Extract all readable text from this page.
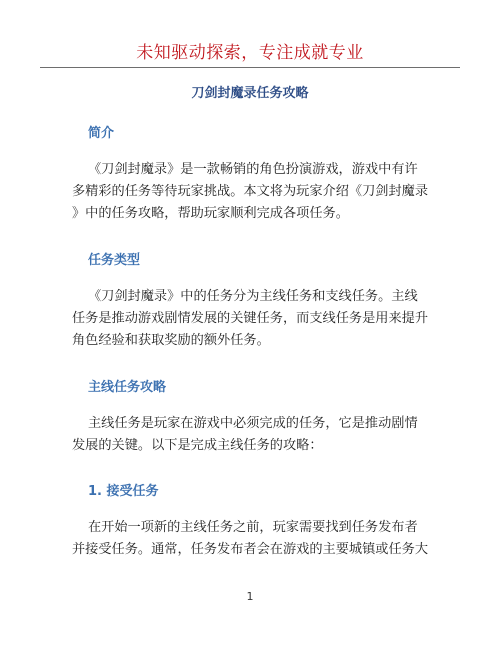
未知驱动探索，专注成就专业
刀剑封魔录任务攻略
简介
《刀剑封魔录》是一款畅销的角色扮演游戏，游戏中有许
多精彩的任务等待玩家挑战。本文将为玩家介绍《刀剑封魔录
》中的任务攻略，帮助玩家顺利完成各项任务。
任务类型
《刀剑封魔录》中的任务分为主线任务和支线任务。主线
任务是推动游戏剧情发展的关键任务，而支线任务是用来提升
角色经验和获取奖励的额外任务。
主线任务攻略
主线任务是玩家在游戏中必须完成的任务，它是推动剧情
发展的关键。以下是完成主线任务的攻略：
1. 接受任务
在开始一项新的主线任务之前，玩家需要找到任务发布者
并接受任务。通常，任务发布者会在游戏的主要城镇或任务大
1
